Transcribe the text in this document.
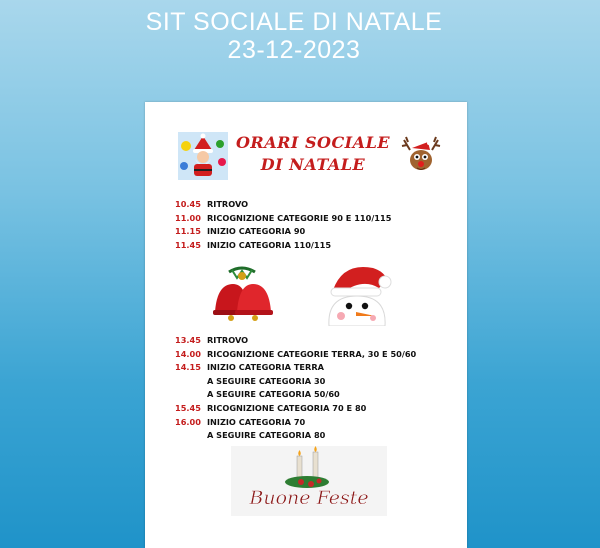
SIT SOCIALE DI NATALE
23-12-2023
ORARI SOCIALE
DI NATALE
10.45 RITROVO
11.00 RICOGNIZIONE CATEGORIE 90 E 110/115
11.15 INIZIO CATEGORIA 90
11.45 INIZIO CATEGORIA 110/115
13.45 RITROVO
14.00 RICOGNIZIONE CATEGORIE TERRA, 30 E 50/60
14.15 INIZIO CATEGORIA TERRA
A SEGUIRE CATEGORIA 30
A SEGUIRE CATEGORIA 50/60
15.45 RICOGNIZIONE CATEGORIA 70 E 80
16.00 INIZIO CATEGORIA 70
A SEGUIRE CATEGORIA 80
Buone Feste
